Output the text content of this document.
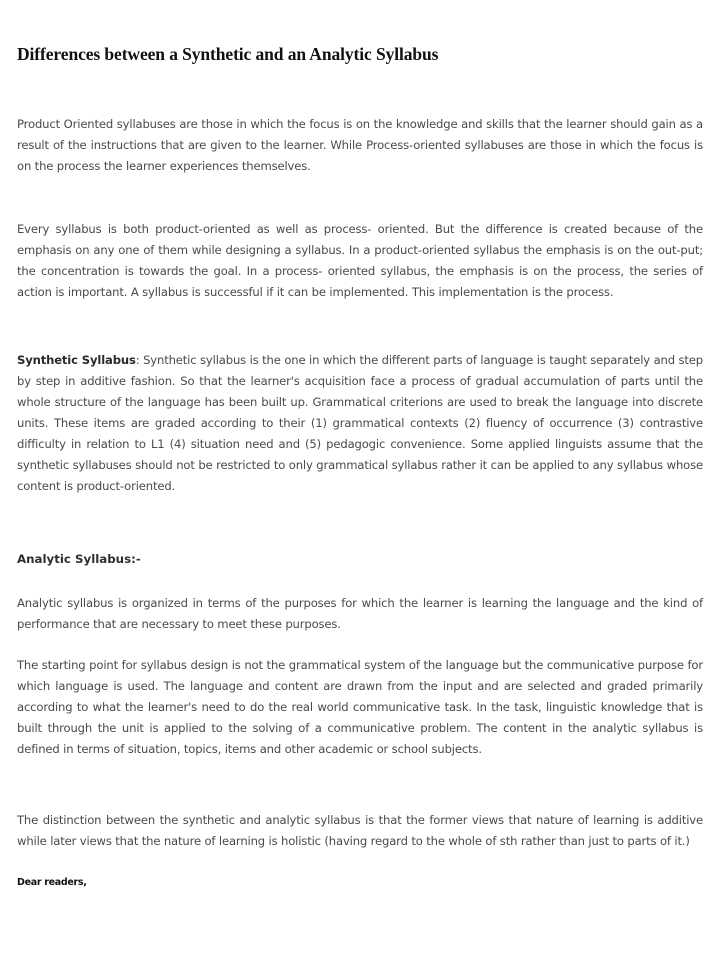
Differences between a Synthetic and an Analytic Syllabus

Product Oriented syllabuses are those in which the focus is on the knowledge and skills that the learner should gain as a result of the instructions that are given to the learner. While Process-oriented syllabuses are those in which the focus is on the process the learner experiences themselves.

Every syllabus is both product-oriented as well as process- oriented. But the difference is created because of the emphasis on any one of them while designing a syllabus. In a product-oriented syllabus the emphasis is on the out-put; the concentration is towards the goal. In a process- oriented syllabus, the emphasis is on the process, the series of action is important. A syllabus is successful if it can be implemented. This implementation is the process.

Synthetic Syllabus: Synthetic syllabus is the one in which the different parts of language is taught separately and step by step in additive fashion. So that the learner's acquisition face a process of gradual accumulation of parts until the whole structure of the language has been built up. Grammatical criterions are used to break the language into discrete units. These items are graded according to their (1) grammatical contexts (2) fluency of occurrence (3) contrastive difficulty in relation to L1 (4) situation need and (5) pedagogic convenience. Some applied linguists assume that the synthetic syllabuses should not be restricted to only grammatical syllabus rather it can be applied to any syllabus whose content is product-oriented.

Analytic Syllabus:-

Analytic syllabus is organized in terms of the purposes for which the learner is learning the language and the kind of performance that are necessary to meet these purposes.

The starting point for syllabus design is not the grammatical system of the language but the communicative purpose for which language is used. The language and content are drawn from the input and are selected and graded primarily according to what the learner's need to do the real world communicative task. In the task, linguistic knowledge that is built through the unit is applied to the solving of a communicative problem. The content in the analytic syllabus is defined in terms of situation, topics, items and other academic or school subjects.

The distinction between the synthetic and analytic syllabus is that the former views that nature of learning is additive while later views that the nature of learning is holistic (having regard to the whole of sth rather than just to parts of it.)

Dear readers,
